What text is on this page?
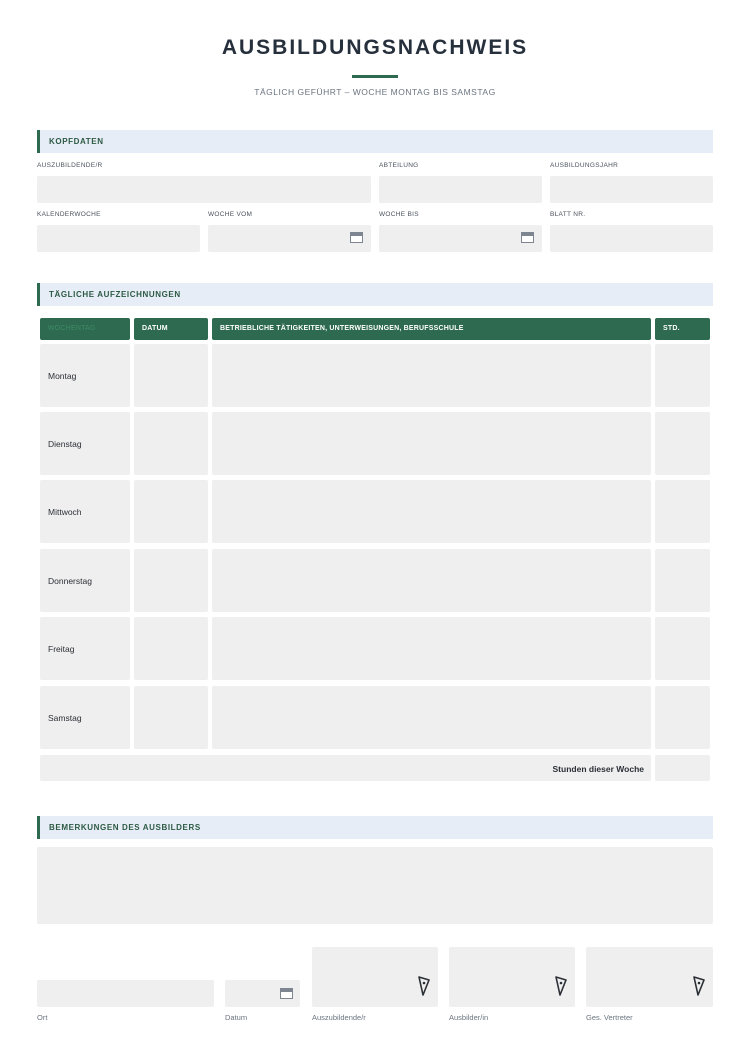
AUSBILDUNGSNACHWEIS
TÄGLICH GEFÜHRT – WOCHE MONTAG BIS SAMSTAG
KOPFDATEN
AUSZUBILDENDE/R	ABTEILUNG	AUSBILDUNGSJAHR
KALENDERWOCHE	WOCHE VOM	WOCHE BIS	BLATT NR.
TÄGLICHE AUFZEICHNUNGEN
WOCHENTAG	DATUM	BETRIEBLICHE TÄTIGKEITEN, UNTERWEISUNGEN, BERUFSSCHULE	STD.
Montag
Dienstag
Mittwoch
Donnerstag
Freitag
Samstag
Stunden dieser Woche
BEMERKUNGEN DES AUSBILDERS
Ort	Datum	Auszubildende/r	Ausbilder/in	Ges. Vertreter
